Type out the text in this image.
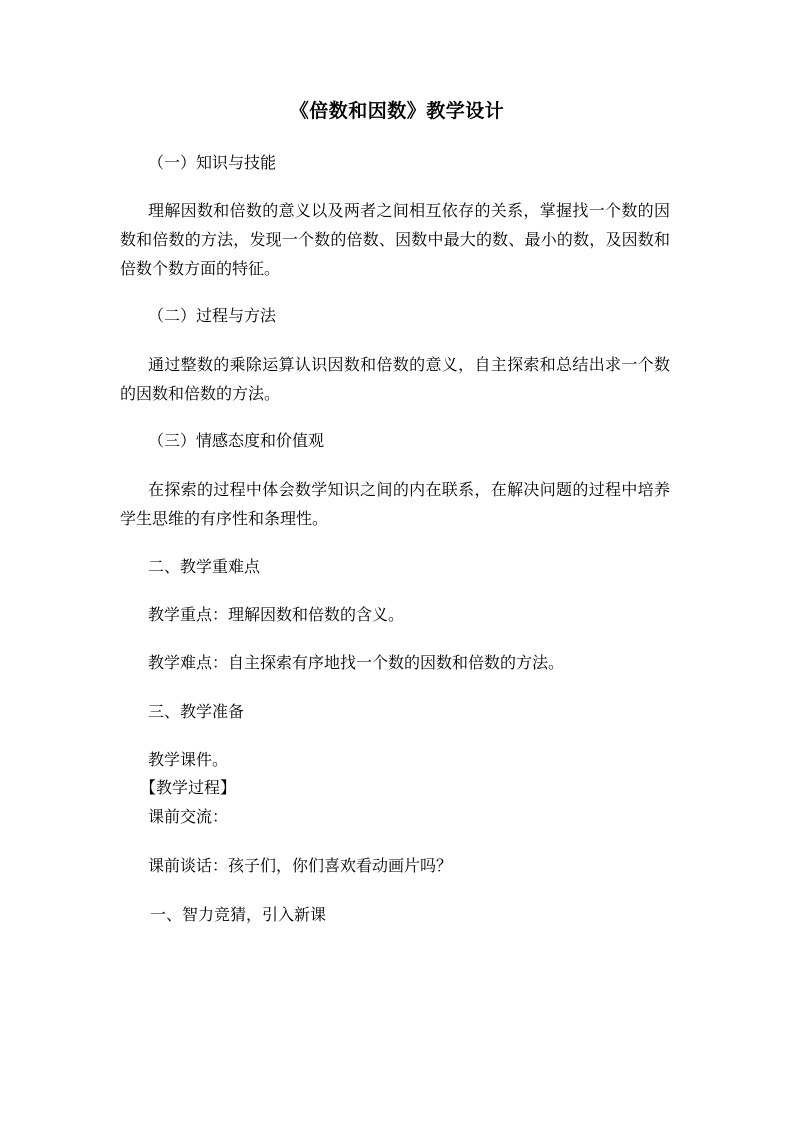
《倍数和因数》教学设计
（一）知识与技能
理解因数和倍数的意义以及两者之间相互依存的关系，掌握找一个数的因数和倍数的方法，发现一个数的倍数、因数中最大的数、最小的数，及因数和倍数个数方面的特征。
（二）过程与方法
通过整数的乘除运算认识因数和倍数的意义，自主探索和总结出求一个数的因数和倍数的方法。
（三）情感态度和价值观
在探索的过程中体会数学知识之间的内在联系，在解决问题的过程中培养学生思维的有序性和条理性。
二、教学重难点
教学重点：理解因数和倍数的含义。
教学难点：自主探索有序地找一个数的因数和倍数的方法。
三、教学准备
教学课件。
【教学过程】
课前交流：
课前谈话：孩子们，你们喜欢看动画片吗？
一、智力竞猜，引入新课
